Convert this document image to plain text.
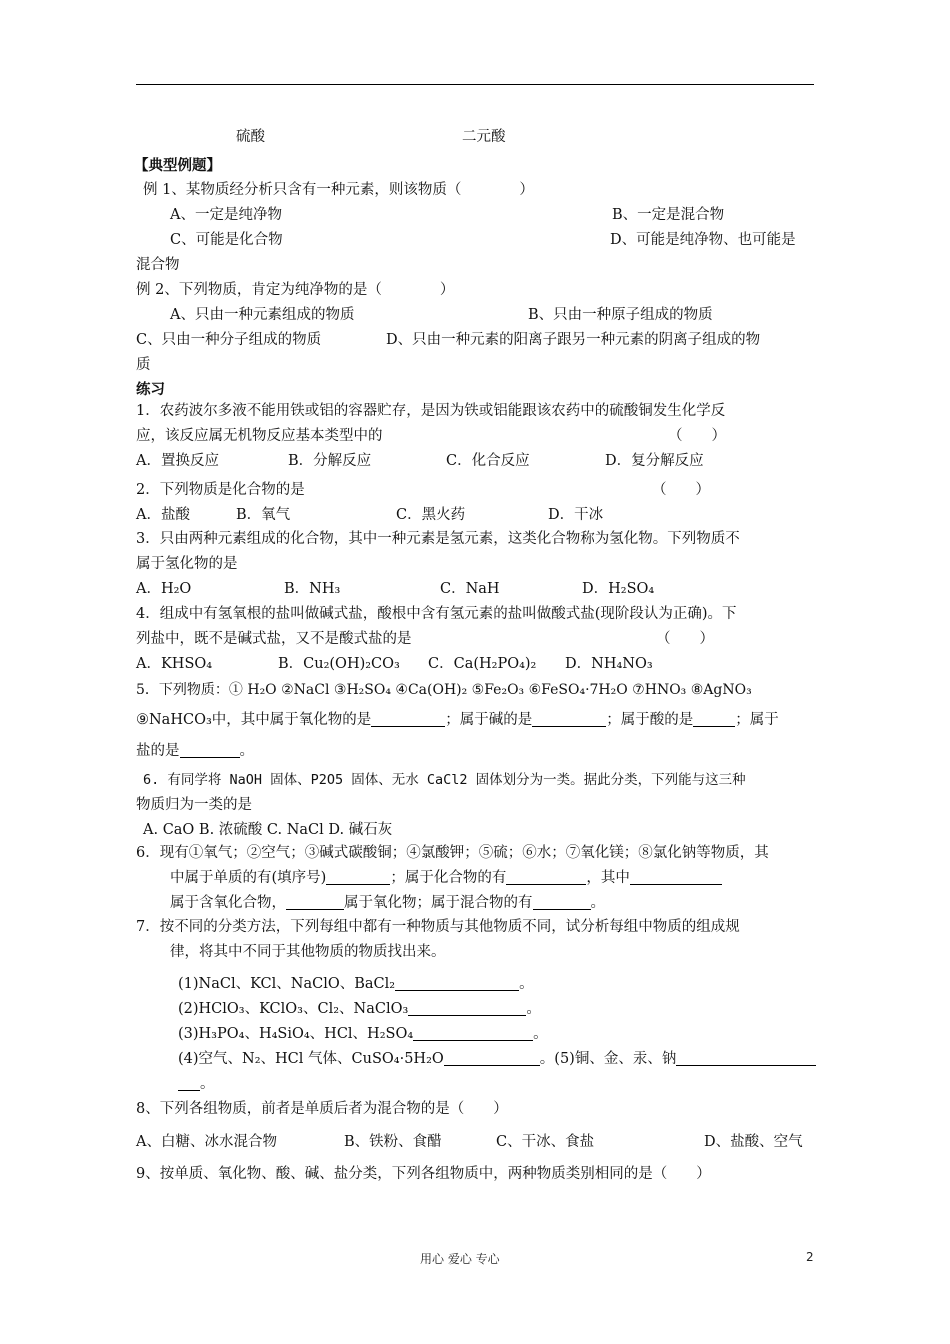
硫酸	二元酸
【典型例题】
例 1、某物质经分析只含有一种元素，则该物质（　　　　）
A、一定是纯净物	B、一定是混合物
C、可能是化合物	D、可能是纯净物、也可能是
混合物
例 2、下列物质，肯定为纯净物的是（　　　　）
A、只由一种元素组成的物质	B、只由一种原子组成的物质
C、只由一种分子组成的物质	D、只由一种元素的阳离子跟另一种元素的阴离子组成的物
质
练习
1．农药波尔多液不能用铁或铝的容器贮存，是因为铁或铝能跟该农药中的硫酸铜发生化学反
应，该反应属无机物反应基本类型中的	（　　）
A．置换反应	B．分解反应	C．化合反应	D．复分解反应
2．下列物质是化合物的是	（　　）
A．盐酸	B．氧气	C．黑火药	D．干冰
3．只由两种元素组成的化合物，其中一种元素是氢元素，这类化合物称为氢化物。下列物质不
属于氢化物的是
A．H₂O	B．NH₃	C．NaH	D．H₂SO₄
4．组成中有氢氧根的盐叫做碱式盐，酸根中含有氢元素的盐叫做酸式盐(现阶段认为正确)。下
列盐中，既不是碱式盐，又不是酸式盐的是	（　　）
A．KHSO₄	B．Cu₂(OH)₂CO₃ C．Ca(H₂PO₄)₂ D．NH₄NO₃
5．下列物质：① H₂O ②NaCl ③H₂SO₄ ④Ca(OH)₂ ⑤Fe₂O₃ ⑥FeSO₄·7H₂O ⑦HNO₃ ⑧AgNO₃
⑨NaHCO₃中，其中属于氧化物的是	；属于碱的是	；属于酸的是	；属于
盐的是	。
6. 有同学将 NaOH 固体、P2O5 固体、无水 CaCl2 固体划分为一类。据此分类，下列能与这三种
物质归为一类的是
A. CaO B. 浓硫酸 C. NaCl D. 碱石灰
6．现有①氧气；②空气；③碱式碳酸铜；④氯酸钾；⑤硫；⑥水；⑦氧化镁；⑧氯化钠等物质，其
中属于单质的有(填序号)	；属于化合物的有	，其中
属于含氧化合物，	属于氧化物；属于混合物的有	。
7．按不同的分类方法，下列每组中都有一种物质与其他物质不同，试分析每组中物质的组成规
律，将其中不同于其他物质的物质找出来。
(1)NaCl、KCl、NaClO、BaCl₂	。
(2)HClO₃、KClO₃、Cl₂、NaClO₃	。
(3)H₃PO₄、H₄SiO₄、HCl、H₂SO₄	。
(4)空气、N₂、HCl 气体、CuSO₄·5H₂O	。(5)铜、金、汞、钠
。
8、下列各组物质，前者是单质后者为混合物的是（　　）
A、白糖、冰水混合物	B、铁粉、食醋	C、干冰、食盐	D、盐酸、空气
9、按单质、氧化物、酸、碱、盐分类，下列各组物质中，两种物质类别相同的是（　　）
用心 爱心 专心	2
